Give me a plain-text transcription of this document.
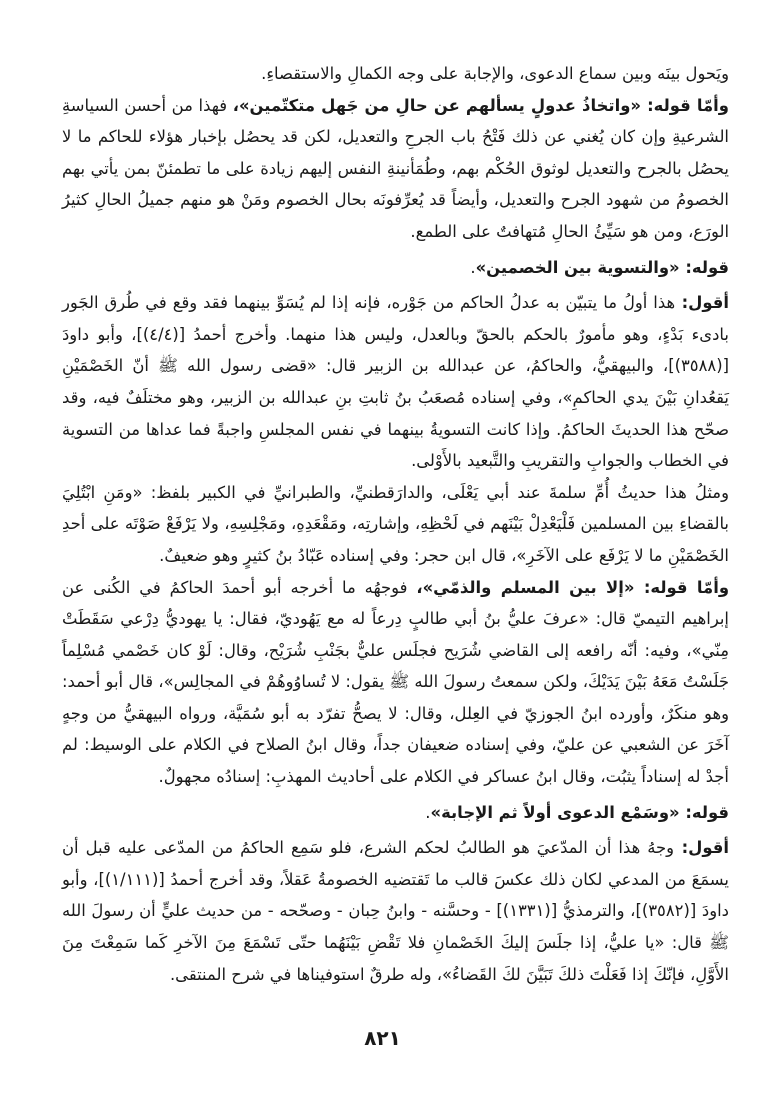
ويَحول بينَه وبين سماع الدعوى، والإجابة على وجه الكمالِ والاستقصاءِ.

وأمّا قوله: «واتخاذُ عدولٍ يسألهم عن حالِ من جَهل متكتّمين»، فهذا من أحسن السياسةِ الشرعيةِ وإن كان يُغني عن ذلك فَتْحُ باب الجرحِ والتعديل، لكن قد يحصُل بإخبار هؤلاء للحاكم ما لا يحصُل بالجرح والتعديل لوثوق الحُكْم بهم، وطُمَأنينةِ النفس إليهم زيادة على ما تطمئنّ بمن يأتي بهم الخصومُ من شهود الجرح والتعديل، وأيضاً قد يُعرِّفونَه بحال الخصوم ومَنْ هو منهم جميلُ الحالِ كثيرُ الورَع، ومن هو سَيِّئُ الحالِ مُتهافتٌ على الطمع.

قوله: «والتسوية بين الخصمين».

أقول: هذا أولُ ما يتبيّن به عدلُ الحاكم من جَوْره، فإنه إذا لم يُسَوِّ بينهما فقد وقع في طُرق الجَور بادىء بَدْءٍ، وهو مأمورٌ بالحكم بالحقّ وبالعدل، وليس هذا منهما. وأخرج أحمدُ [(٤/٤)]، وأبو داودَ [(٣٥٨٨)]، والبيهقيُّ، والحاكمُ، عن عبدالله بن الزبير قال: «قضى رسول الله ﷺ أنّ الخَصْمَيْنِ يَقعُدانِ بَيْنَ يدي الحاكمِ»، وفي إسناده مُصعَبُ بنُ ثابتِ بنِ عبدالله بن الزبير، وهو مختلَفٌ فيه، وقد صحّح هذا الحديثَ الحاكمُ. وإذا كانت التسويةُ بينهما في نفس المجلسِ واجبةً فما عداها من التسوية في الخطاب والجوابِ والتقريبِ والتَّبعيد بالأَوْلى.

ومثلُ هذا حديثُ أُمِّ سلمةَ عند أبي يَعْلَى، والدارَقطنيِّ، والطبرانيِّ في الكبير بلفظ: «ومَنِ ابْتُلِيَ بالقضاءِ بين المسلمين فَلْيَعْدِلْ بَيْنَهم في لَحْظِهِ، وإشارتِه، ومَقْعَدِهِ، ومَجْلِسِهِ، ولا يَرْفَعْ صَوْتَه على أحدِ الخَصْمَيْنِ ما لا يَرْفَع على الآخَرِ»، قال ابن حجر: وفي إسناده عَبّادُ بنُ كثيرٍ وهو ضعيفٌ.

وأمّا قوله: «إلا بين المسلم والذمّي»، فوجهُه ما أخرجه أبو أحمدَ الحاكمُ في الكُنى عن إبراهيم التيميّ قال: «عرفَ عليُّ بنُ أبي طالبٍ دِرعاً له مع يَهُوديّ، فقال: يا يهوديُّ دِرْعي سَقَطَتْ مِنّي»، وفيه: أنّه رافعه إلى القاضي شُرَيح فجلَس عليٌّ بجَنْبِ شُرَيْح، وقال: لَوْ كان خَصْمي مُسْلِماً جَلَسْتُ مَعَهُ بَيْنَ يَدَيْكَ، ولكن سمعتُ رسولَ الله ﷺ يقول: لا تُساوُوهُمْ في المجالِس»، قال أبو أحمد: وهو منكَرٌ، وأورده ابنُ الجوزيّ في العِلل، وقال: لا يصحُّ تفرّد به أبو سُمَيَّة، ورواه البيهقيُّ من وجهٍ آخَرَ عن الشعبي عن عليّ، وفي إسناده ضعيفان جداً، وقال ابنُ الصلاح في الكلام على الوسيط: لم أجدْ له إسناداً يثبُت، وقال ابنُ عساكر في الكلام على أحاديث المهذبِ: إسنادُه مجهولٌ.

قوله: «وسَمْع الدعوى أولاً ثم الإجابة».

أقول: وجهُ هذا أن المدّعيَ هو الطالبُ لحكم الشرع، فلو سَمِع الحاكمُ من المدّعى عليه قبل أن يسمَعَ من المدعي لكان ذلك عكسَ قالب ما تَقتضيه الخصومةُ عَقلاً، وقد أخرج أحمدُ [(١/١١١)]، وأبو داودَ [(٣٥٨٢)]، والترمذيُّ [(١٣٣١)] - وحسَّنه - وابنُ حِبان - وصحّحه - من حديث عليٍّ أن رسولَ الله ﷺ قال: «يا عليُّ، إذا جلَسَ إليكَ الخَصْمانِ فلا تَقْضِ بَيْنَهُما حتّى تَسْمَعَ مِنَ الآخرِ كَما سَمِعْتَ مِنَ الأَوَّلِ، فإنّكَ إذا فَعَلْتَ ذلكَ تَبَيَّنَ لكَ القَضاءُ»، وله طرقٌ استوفيناها في شرح المنتقى.

٨٢١
